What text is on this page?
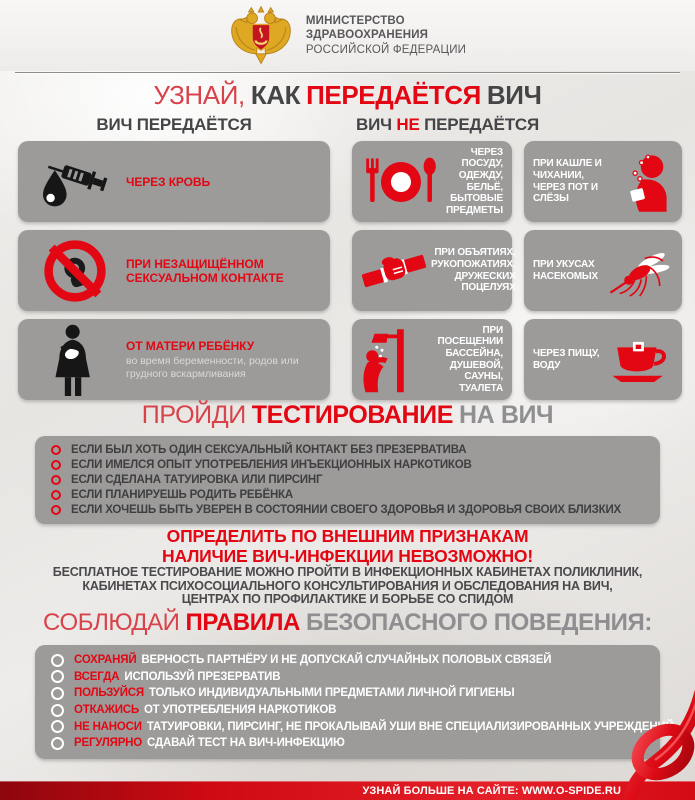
МИНИСТЕРСТВО
ЗДРАВООХРАНЕНИЯ
РОССИЙСКОЙ ФЕДЕРАЦИИ
УЗНАЙ, КАК ПЕРЕДАЁТСЯ ВИЧ
ВИЧ ПЕРЕДАЁТСЯ	ВИЧ НЕ ПЕРЕДАЁТСЯ
ЧЕРЕЗ КРОВЬ
ПРИ НЕЗАЩИЩЁННОМ СЕКСУАЛЬНОМ КОНТАКТЕ
ОТ МАТЕРИ РЕБЁНКУ
во время беременности, родов или грудного вскармливания
ЧЕРЕЗ ПОСУДУ, ОДЕЖДУ, БЕЛЬЁ, БЫТОВЫЕ ПРЕДМЕТЫ
ПРИ КАШЛЕ И ЧИХАНИИ, ЧЕРЕЗ ПОТ И СЛЁЗЫ
ПРИ ОБЪЯТИЯХ, РУКОПОЖАТИЯХ, ДРУЖЕСКИХ ПОЦЕЛУЯХ
ПРИ УКУСАХ НАСЕКОМЫХ
ПРИ ПОСЕЩЕНИИ БАССЕЙНА, ДУШЕВОЙ, САУНЫ, ТУАЛЕТА
ЧЕРЕЗ ПИЩУ, ВОДУ
ПРОЙДИ ТЕСТИРОВАНИЕ НА ВИЧ
ЕСЛИ БЫЛ ХОТЬ ОДИН СЕКСУАЛЬНЫЙ КОНТАКТ БЕЗ ПРЕЗЕРВАТИВА
ЕСЛИ ИМЕЛСЯ ОПЫТ УПОТРЕБЛЕНИЯ ИНЪЕКЦИОННЫХ НАРКОТИКОВ
ЕСЛИ СДЕЛАНА ТАТУИРОВКА ИЛИ ПИРСИНГ
ЕСЛИ ПЛАНИРУЕШЬ РОДИТЬ РЕБЁНКА
ЕСЛИ ХОЧЕШЬ БЫТЬ УВЕРЕН В СОСТОЯНИИ СВОЕГО ЗДОРОВЬЯ И ЗДОРОВЬЯ СВОИХ БЛИЗКИХ
ОПРЕДЕЛИТЬ ПО ВНЕШНИМ ПРИЗНАКАМ
НАЛИЧИЕ ВИЧ-ИНФЕКЦИИ НЕВОЗМОЖНО!
БЕСПЛАТНОЕ ТЕСТИРОВАНИЕ МОЖНО ПРОЙТИ В ИНФЕКЦИОННЫХ КАБИНЕТАХ ПОЛИКЛИНИК,
КАБИНЕТАХ ПСИХОСОЦИАЛЬНОГО КОНСУЛЬТИРОВАНИЯ И ОБСЛЕДОВАНИЯ НА ВИЧ,
ЦЕНТРАХ ПО ПРОФИЛАКТИКЕ И БОРЬБЕ СО СПИДОМ
СОБЛЮДАЙ ПРАВИЛА БЕЗОПАСНОГО ПОВЕДЕНИЯ:
СОХРАНЯЙ ВЕРНОСТЬ ПАРТНЁРУ И НЕ ДОПУСКАЙ СЛУЧАЙНЫХ ПОЛОВЫХ СВЯЗЕЙ
ВСЕГДА ИСПОЛЬЗУЙ ПРЕЗЕРВАТИВ
ПОЛЬЗУЙСЯ ТОЛЬКО ИНДИВИДУАЛЬНЫМИ ПРЕДМЕТАМИ ЛИЧНОЙ ГИГИЕНЫ
ОТКАЖИСЬ ОТ УПОТРЕБЛЕНИЯ НАРКОТИКОВ
НЕ НАНОСИ ТАТУИРОВКИ, ПИРСИНГ, НЕ ПРОКАЛЫВАЙ УШИ ВНЕ СПЕЦИАЛИЗИРОВАННЫХ УЧРЕЖДЕНИЙ
РЕГУЛЯРНО СДАВАЙ ТЕСТ НА ВИЧ-ИНФЕКЦИЮ
УЗНАЙ БОЛЬШЕ НА САЙТЕ: WWW.O-SPIDE.RU
